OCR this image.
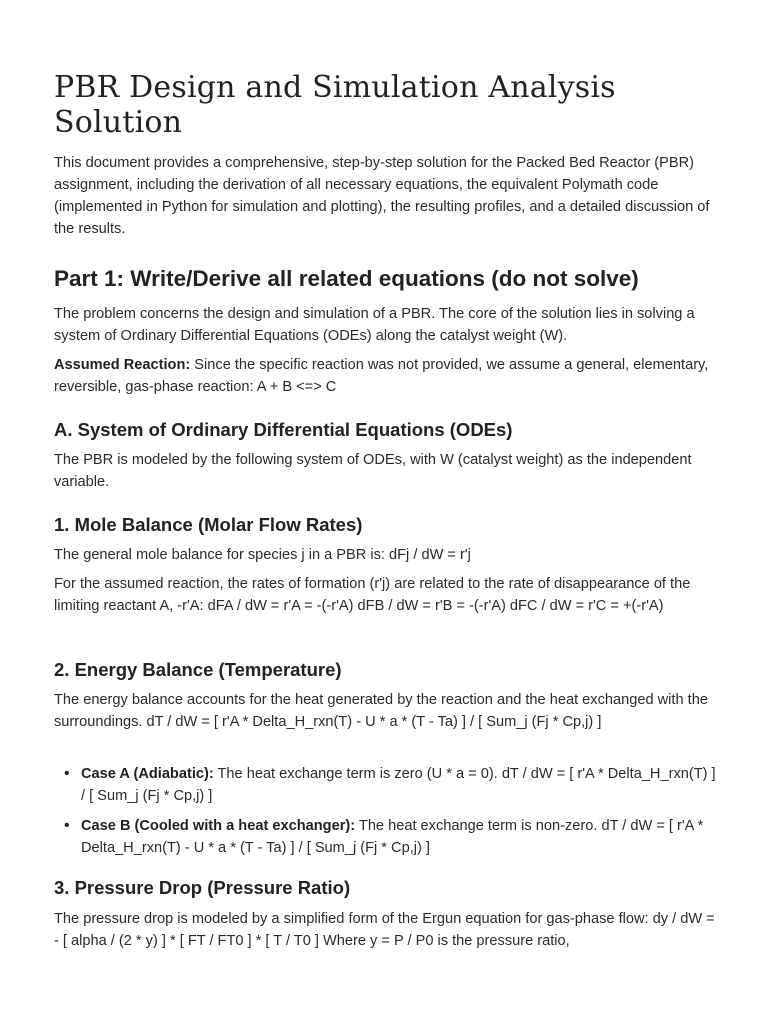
PBR Design and Simulation Analysis Solution

This document provides a comprehensive, step-by-step solution for the Packed Bed Reactor (PBR) assignment, including the derivation of all necessary equations, the equivalent Polymath code (implemented in Python for simulation and plotting), the resulting profiles, and a detailed discussion of the results.

Part 1: Write/Derive all related equations (do not solve)

The problem concerns the design and simulation of a PBR. The core of the solution lies in solving a system of Ordinary Differential Equations (ODEs) along the catalyst weight (W).

Assumed Reaction: Since the specific reaction was not provided, we assume a general, elementary, reversible, gas-phase reaction: A + B <=> C

A. System of Ordinary Differential Equations (ODEs)

The PBR is modeled by the following system of ODEs, with W (catalyst weight) as the independent variable.

1. Mole Balance (Molar Flow Rates)

The general mole balance for species j in a PBR is: dFj / dW = r'j

For the assumed reaction, the rates of formation (r'j) are related to the rate of disappearance of the limiting reactant A, -r'A: dFA / dW = r'A = -(-r'A) dFB / dW = r'B = -(-r'A) dFC / dW = r'C = +(-r'A)

2. Energy Balance (Temperature)

The energy balance accounts for the heat generated by the reaction and the heat exchanged with the surroundings. dT / dW = [ r'A * Delta_H_rxn(T) - U * a * (T - Ta) ] / [ Sum_j (Fj * Cp,j) ]

• Case A (Adiabatic): The heat exchange term is zero (U * a = 0). dT / dW = [ r'A * Delta_H_rxn(T) ] / [ Sum_j (Fj * Cp,j) ]
• Case B (Cooled with a heat exchanger): The heat exchange term is non-zero. dT / dW = [ r'A * Delta_H_rxn(T) - U * a * (T - Ta) ] / [ Sum_j (Fj * Cp,j) ]
3. Pressure Drop (Pressure Ratio)

The pressure drop is modeled by a simplified form of the Ergun equation for gas-phase flow: dy / dW = - [ alpha / (2 * y) ] * [ FT / FT0 ] * [ T / T0 ] Where y = P / P0 is the pressure ratio,
